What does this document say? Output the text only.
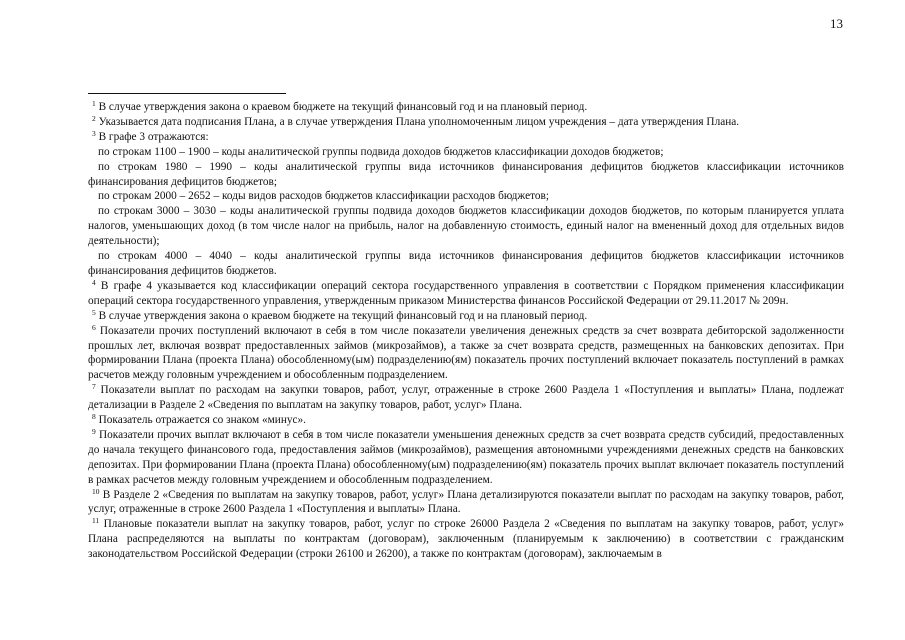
13

$^1$ В случае утверждения закона о краевом бюджете на текущий финансовый год и на плановый период.

$^2$ Указывается дата подписания Плана, а в случае утверждения Плана уполномоченным лицом учреждения – дата утверждения Плана.

$^3$ В графе 3 отражаются:

по строкам 1100 – 1900 – коды аналитической группы подвида доходов бюджетов классификации доходов бюджетов;

по строкам 1980 – 1990 – коды аналитической группы вида источников финансирования дефицитов бюджетов классификации источников финансирования дефицитов бюджетов;

по строкам 2000 – 2652 – коды видов расходов бюджетов классификации расходов бюджетов;

по строкам 3000 – 3030 – коды аналитической группы подвида доходов бюджетов классификации доходов бюджетов, по которым планируется уплата налогов, уменьшающих доход (в том числе налог на прибыль, налог на добавленную стоимость, единый налог на вмененный доход для отдельных видов деятельности);

по строкам 4000 – 4040 – коды аналитической группы вида источников финансирования дефицитов бюджетов классификации источников финансирования дефицитов бюджетов.

$^4$ В графе 4 указывается код классификации операций сектора государственного управления в соответствии с Порядком применения классификации операций сектора государственного управления, утвержденным приказом Министерства финансов Российской Федерации от 29.11.2017 № 209н.

$^5$ В случае утверждения закона о краевом бюджете на текущий финансовый год и на плановый период.

$^6$ Показатели прочих поступлений включают в себя в том числе показатели увеличения денежных средств за счет возврата дебиторской задолженности прошлых лет, включая возврат предоставленных займов (микрозаймов), а также за счет возврата средств, размещенных на банковских депозитах. При формировании Плана (проекта Плана) обособленному(ым) подразделению(ям) показатель прочих поступлений включает показатель поступлений в рамках расчетов между головным учреждением и обособленным подразделением.

$^7$ Показатели выплат по расходам на закупки товаров, работ, услуг, отраженные в строке 2600 Раздела 1 «Поступления и выплаты» Плана, подлежат детализации в Разделе 2 «Сведения по выплатам на закупку товаров, работ, услуг» Плана.

$^8$ Показатель отражается со знаком «минус».

$^9$ Показатели прочих выплат включают в себя в том числе показатели уменьшения денежных средств за счет возврата средств субсидий, предоставленных до начала текущего финансового года, предоставления займов (микрозаймов), размещения автономными учреждениями денежных средств на банковских депозитах. При формировании Плана (проекта Плана) обособленному(ым) подразделению(ям) показатель прочих выплат включает показатель поступлений в рамках расчетов между головным учреждением и обособленным подразделением.

$^{10}$ В Разделе 2 «Сведения по выплатам на закупку товаров, работ, услуг» Плана детализируются показатели выплат по расходам на закупку товаров, работ, услуг, отраженные в строке 2600 Раздела 1 «Поступления и выплаты» Плана.

$^{11}$ Плановые показатели выплат на закупку товаров, работ, услуг по строке 26000 Раздела 2 «Сведения по выплатам на закупку товаров, работ, услуг» Плана распределяются на выплаты по контрактам (договорам), заключенным (планируемым к заключению) в соответствии с гражданским законодательством Российской Федерации (строки 26100 и 26200), а также по контрактам (договорам), заключаемым в
